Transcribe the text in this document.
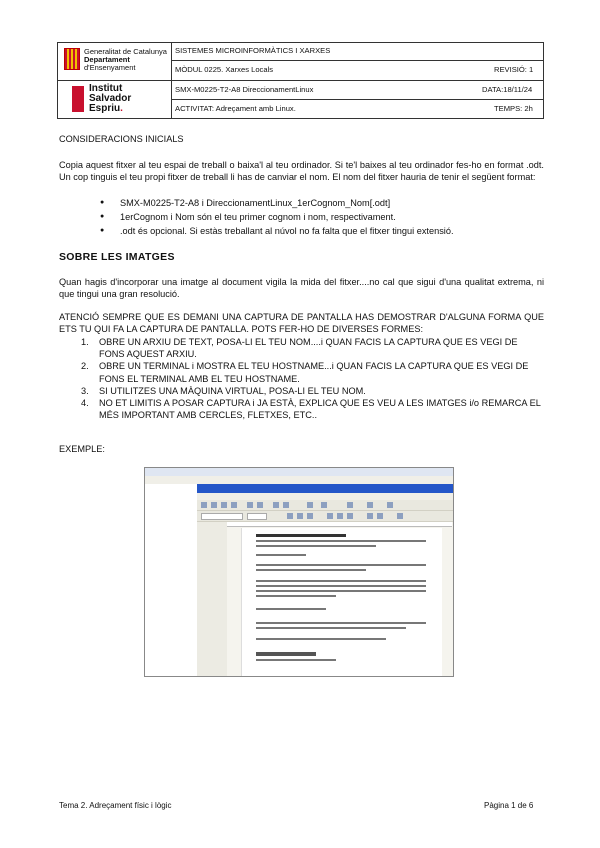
Generalitat de Catalunya
Departament
d'Ensenyament
Institut
Salvador
Espriu.
SISTEMES MICROINFORMÀTICS I XARXES
MÒDUL 0225. Xarxes Locals	REVISIÓ: 1
SMX-M0225-T2-A8 DireccionamentLinux	DATA:18/11/24
ACTIVITAT: Adreçament amb Linux.	TEMPS: 2h
CONSIDERACIONS INICIALS
Copia aquest fitxer al teu espai de treball o baixa'l al teu ordinador. Si te'l baixes al teu ordinador fes-ho en format .odt. Un cop tinguis el teu propi fitxer de treball li has de canviar el nom. El nom del fitxer hauria de tenir el següent format:
● SMX-M0225-T2-A8 i DireccionamentLinux_1erCognom_Nom[.odt]
● 1erCognom i Nom són el teu primer cognom i nom, respectivament.
● .odt és opcional. Si estàs treballant al núvol no fa falta que el fitxer tingui extensió.
SOBRE LES IMATGES
Quan hagis d'incorporar una imatge al document vigila la mida del fitxer....no cal que sigui d'una qualitat extrema, ni que tingui una gran resolució.
ATENCIÓ SEMPRE QUE ES DEMANI UNA CAPTURA DE PANTALLA HAS DEMOSTRAR D'ALGUNA FORMA QUE ETS TU QUI FA LA CAPTURA DE PANTALLA. POTS FER-HO DE DIVERSES FORMES:
1. OBRE UN ARXIU DE TEXT, POSA-LI EL TEU NOM....i QUAN FACIS LA CAPTURA QUE ES VEGI DE FONS AQUEST ARXIU.
2. OBRE UN TERMINAL i MOSTRA EL TEU HOSTNAME...i QUAN FACIS LA CAPTURA QUE ES VEGI DE FONS EL TERMINAL AMB EL TEU HOSTNAME.
3. SI UTILITZES UNA MÀQUINA VIRTUAL, POSA-LI EL TEU NOM.
4. NO ET LIMITIS A POSAR CAPTURA i JA ESTÀ, EXPLICA QUE ES VEU A LES IMATGES i/o REMARCA EL MÉS IMPORTANT AMB CERCLES, FLETXES, ETC..
EXEMPLE:
Tema 2. Adreçament físic i lògic	Pàgina 1 de 6
